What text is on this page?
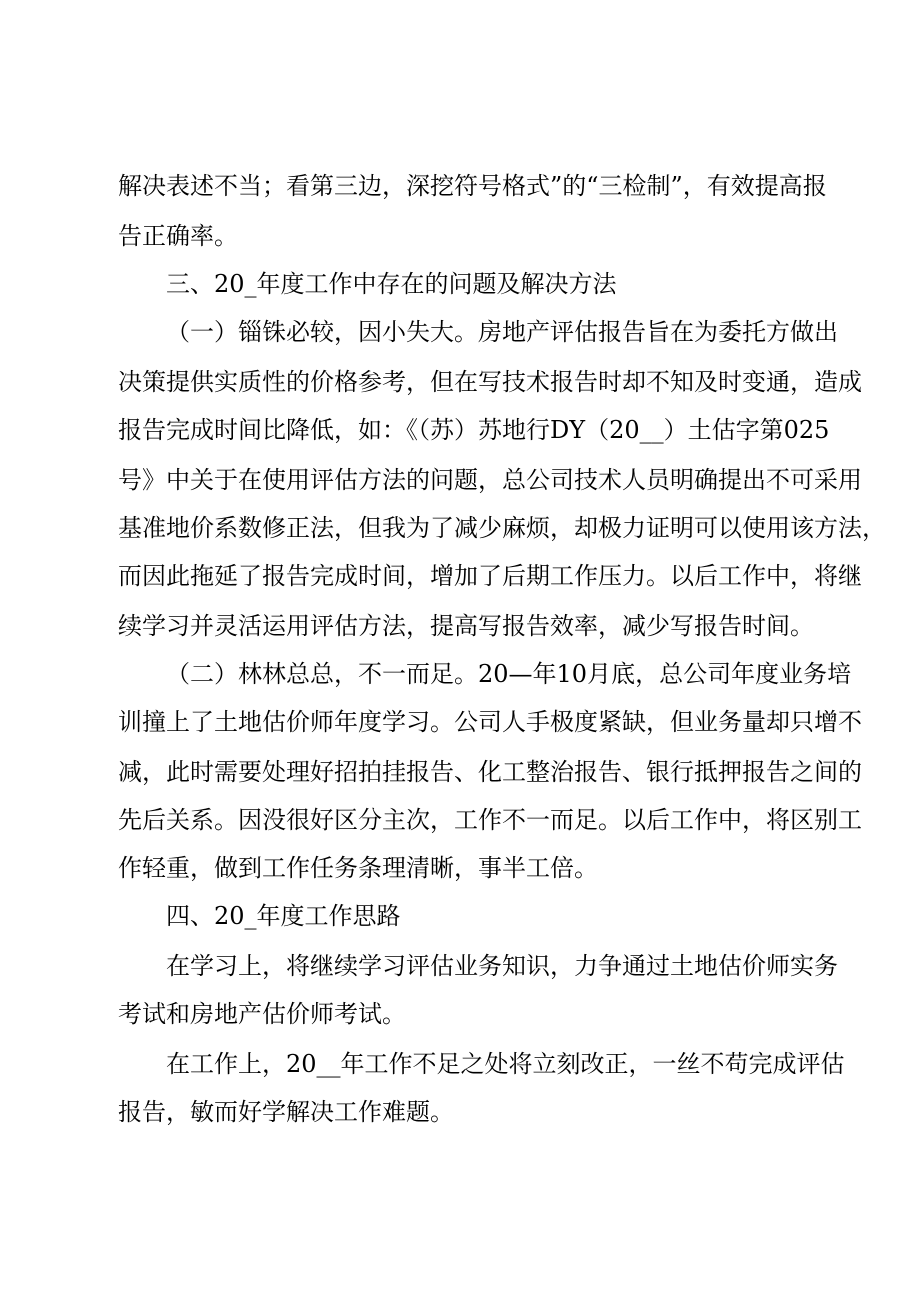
解决表述不当；看第三边，深挖符号格式”的“三检制”，有效提高报

告正确率。

三、20_年度工作中存在的问题及解决方法

（一）锱铢必较，因小失大。房地产评估报告旨在为委托方做出

决策提供实质性的价格参考，但在写技术报告时却不知及时变通，造成

报告完成时间比降低，如：《（苏）苏地行DY（20__）土估字第025

号》中关于在使用评估方法的问题，总公司技术人员明确提出不可采用

基准地价系数修正法，但我为了减少麻烦，却极力证明可以使用该方法，

而因此拖延了报告完成时间，增加了后期工作压力。以后工作中，将继

续学习并灵活运用评估方法，提高写报告效率，减少写报告时间。

（二）林林总总，不一而足。20—年10月底，总公司年度业务培

训撞上了土地估价师年度学习。公司人手极度紧缺，但业务量却只增不

减，此时需要处理好招拍挂报告、化工整治报告、银行抵押报告之间的

先后关系。因没很好区分主次，工作不一而足。以后工作中，将区别工

作轻重，做到工作任务条理清晰，事半工倍。

四、20_年度工作思路

在学习上，将继续学习评估业务知识，力争通过土地估价师实务

考试和房地产估价师考试。

在工作上，20__年工作不足之处将立刻改正，一丝不苟完成评估

报告，敏而好学解决工作难题。
